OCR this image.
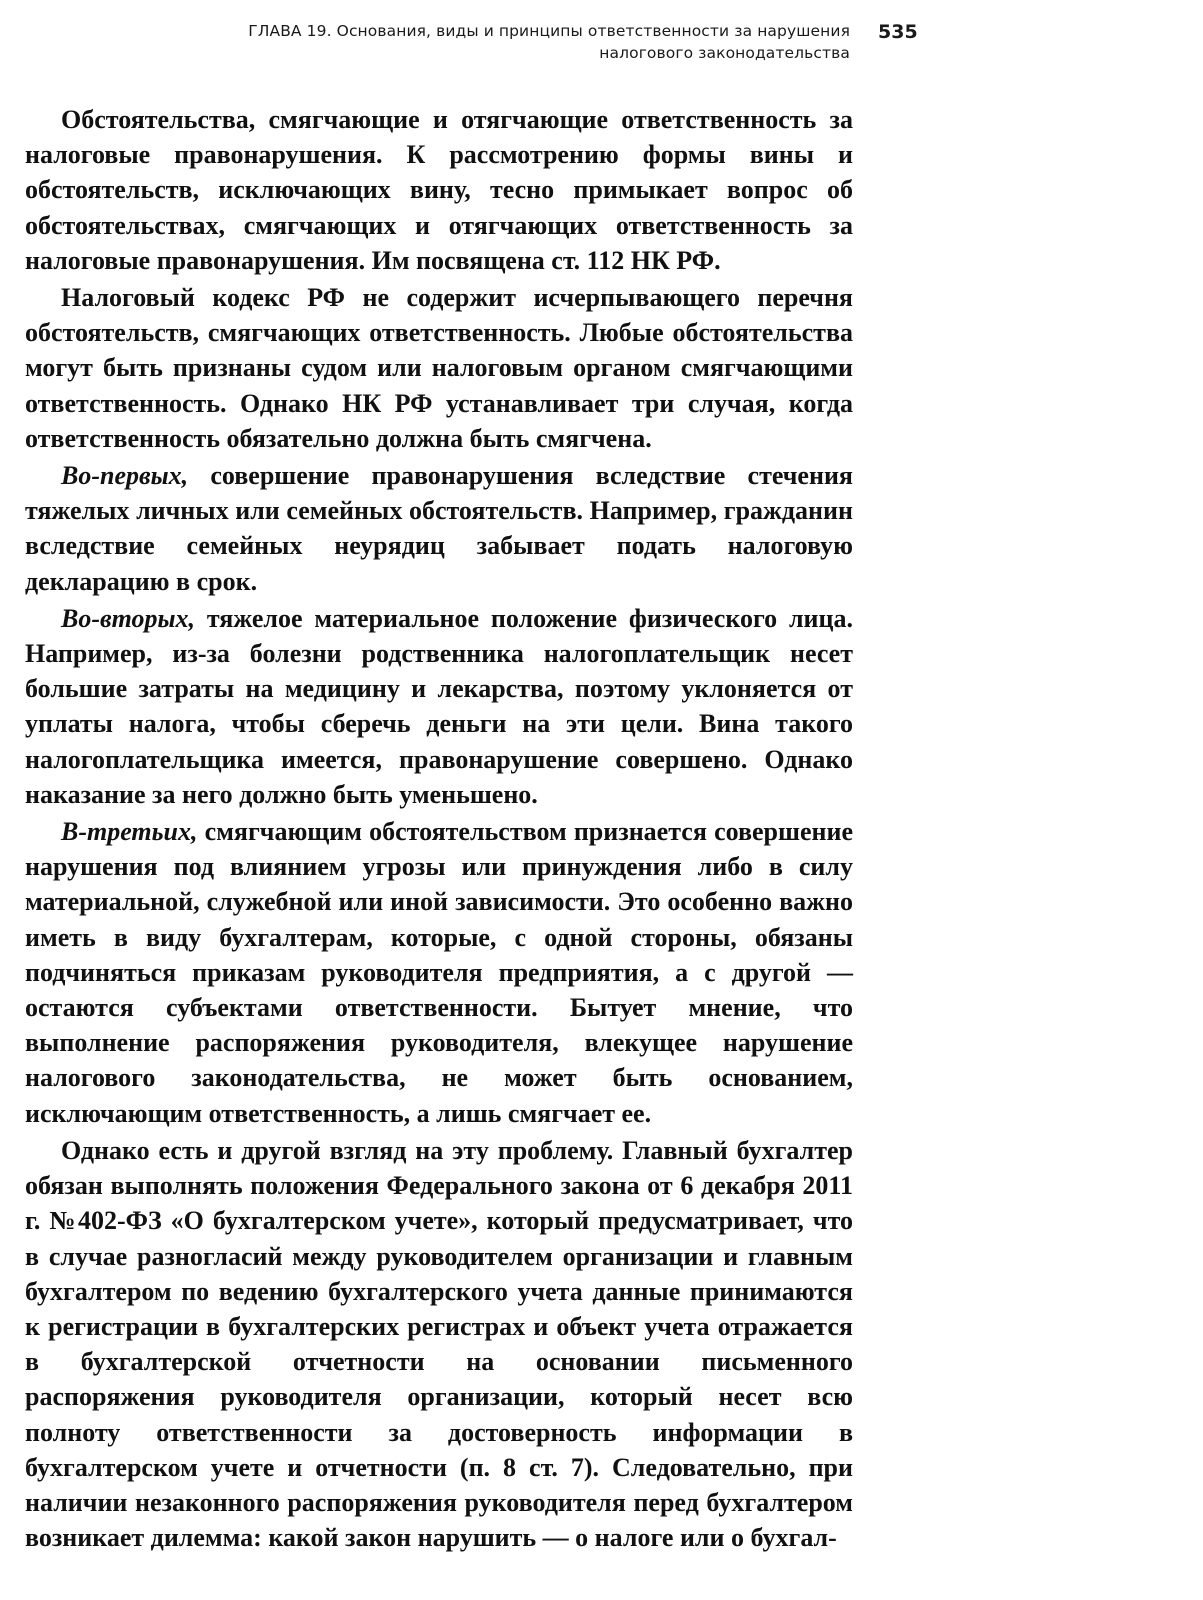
ГЛАВА 19. Основания, виды и принципы ответственности за нарушения
налогового законодательства
535

Обстоятельства, смягчающие и отягчающие ответственность за налоговые правонарушения. К рассмотрению формы вины и обстоятельств, исключающих вину, тесно примыкает вопрос об обстоятельствах, смягчающих и отягчающих ответственность за налоговые правонарушения. Им посвящена ст. 112 НК РФ.

Налоговый кодекс РФ не содержит исчерпывающего перечня обстоятельств, смягчающих ответственность. Любые обстоятельства могут быть признаны судом или налоговым органом смягчающими ответственность. Однако НК РФ устанавливает три случая, когда ответственность обязательно должна быть смягчена.

Во-первых, совершение правонарушения вследствие стечения тяжелых личных или семейных обстоятельств. Например, гражданин вследствие семейных неурядиц забывает подать налоговую декларацию в срок.

Во-вторых, тяжелое материальное положение физического лица. Например, из-за болезни родственника налогоплательщик несет большие затраты на медицину и лекарства, поэтому уклоняется от уплаты налога, чтобы сберечь деньги на эти цели. Вина такого налогоплательщика имеется, правонарушение совершено. Однако наказание за него должно быть уменьшено.

В-третьих, смягчающим обстоятельством признается совершение нарушения под влиянием угрозы или принуждения либо в силу материальной, служебной или иной зависимости. Это особенно важно иметь в виду бухгалтерам, которые, с одной стороны, обязаны подчиняться приказам руководителя предприятия, а с другой — остаются субъектами ответственности. Бытует мнение, что выполнение распоряжения руководителя, влекущее нарушение налогового законодательства, не может быть основанием, исключающим ответственность, а лишь смягчает ее.

Однако есть и другой взгляд на эту проблему. Главный бухгалтер обязан выполнять положения Федерального закона от 6 декабря 2011 г. №402-ФЗ «О бухгалтерском учете», который предусматривает, что в случае разногласий между руководителем организации и главным бухгалтером по ведению бухгалтерского учета данные принимаются к регистрации в бухгалтерских регистрах и объект учета отражается в бухгалтерской отчетности на основании письменного распоряжения руководителя организации, который несет всю полноту ответственности за достоверность информации в бухгалтерском учете и отчетности (п. 8 ст. 7). Следовательно, при наличии незаконного распоряжения руководителя перед бухгалтером возникает дилемма: какой закон нарушить — о налоге или о бухгал-
